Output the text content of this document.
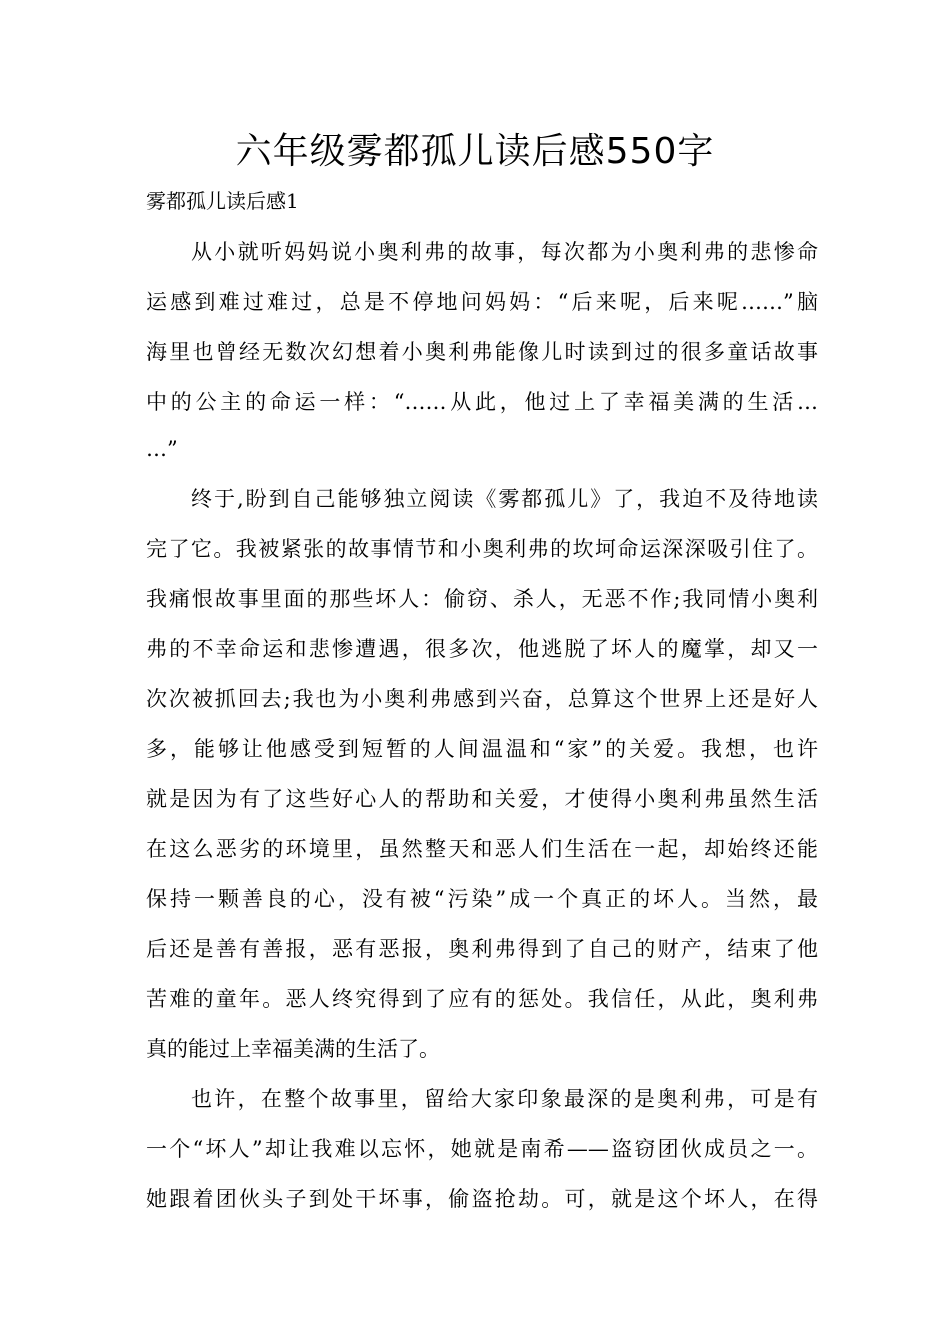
六年级雾都孤儿读后感550字
雾都孤儿读后感1
从小就听妈妈说小奥利弗的故事，每次都为小奥利弗的悲惨命
运感到难过难过，总是不停地问妈妈：“后来呢，后来呢……”脑
海里也曾经无数次幻想着小奥利弗能像儿时读到过的很多童话故事
中的公主的命运一样：“……从此，他过上了幸福美满的生活…
…”
终于,盼到自己能够独立阅读《雾都孤儿》了，我迫不及待地读
完了它。我被紧张的故事情节和小奥利弗的坎坷命运深深吸引住了。
我痛恨故事里面的那些坏人：偷窃、杀人，无恶不作;我同情小奥利
弗的不幸命运和悲惨遭遇，很多次，他逃脱了坏人的魔掌，却又一
次次被抓回去;我也为小奥利弗感到兴奋，总算这个世界上还是好人
多，能够让他感受到短暂的人间温温和“家”的关爱。我想，也许
就是因为有了这些好心人的帮助和关爱，才使得小奥利弗虽然生活
在这么恶劣的环境里，虽然整天和恶人们生活在一起，却始终还能
保持一颗善良的心，没有被“污染”成一个真正的坏人。当然，最
后还是善有善报，恶有恶报，奥利弗得到了自己的财产，结束了他
苦难的童年。恶人终究得到了应有的惩处。我信任，从此，奥利弗
真的能过上幸福美满的生活了。
也许，在整个故事里，留给大家印象最深的是奥利弗，可是有
一个“坏人”却让我难以忘怀，她就是南希——盗窃团伙成员之一。
她跟着团伙头子到处干坏事，偷盗抢劫。可，就是这个坏人，在得
